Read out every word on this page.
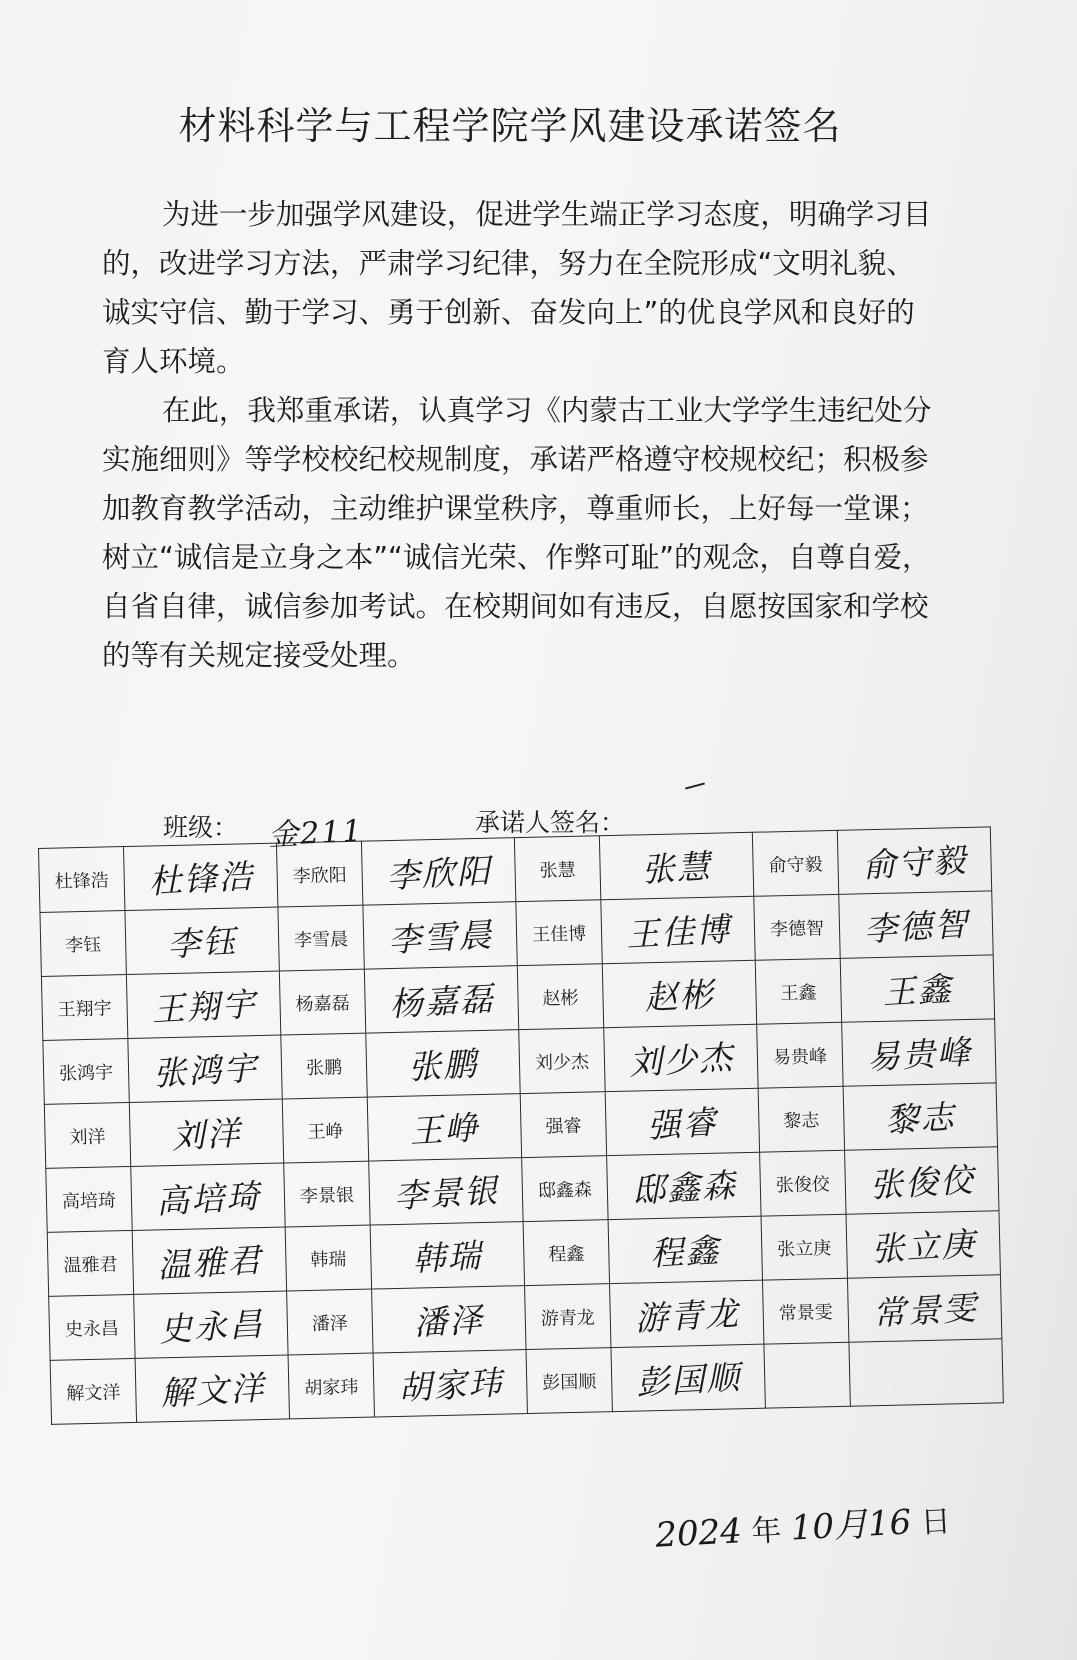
材料科学与工程学院学风建设承诺签名

为进一步加强学风建设，促进学生端正学习态度，明确学习目的，改进学习方法，严肃学习纪律，努力在全院形成“文明礼貌、诚实守信、勤于学习、勇于创新、奋发向上”的优良学风和良好的育人环境。

在此，我郑重承诺，认真学习《内蒙古工业大学学生违纪处分实施细则》等学校校纪校规制度，承诺严格遵守校规校纪；积极参加教育教学活动，主动维护课堂秩序，尊重师长，上好每一堂课；树立“诚信是立身之本”“诚信光荣、作弊可耻”的观念，自尊自爱，自省自律，诚信参加考试。在校期间如有违反，自愿按国家和学校的等有关规定接受处理。

班级： 金211	承诺人签名：
杜锋浩	杜锋浩	李欣阳	李欣阳	张慧	张慧	俞守毅	俞守毅
李钰	李钰	李雪晨	李雪晨	王佳博	王佳博	李德智	李德智
王翔宇	王翔宇	杨嘉磊	杨嘉磊	赵彬	赵彬	王鑫	王鑫
张鸿宇	张鸿宇	张鹏	张鹏	刘少杰	刘少杰	易贵峰	易贵峰
刘洋	刘洋	王峥	王峥	强睿	强睿	黎志	黎志
高培琦	高培琦	李景银	李景银	邸鑫森	邸鑫森	张俊佼	张俊佼
温雅君	温雅君	韩瑞	韩瑞	程鑫	程鑫	张立庚	张立庚
史永昌	史永昌	潘泽	潘泽	游青龙	游青龙	常景雯	常景雯
解文洋	解文洋	胡家玮	胡家玮	彭国顺	彭国顺		
2024 年 10月16 日
